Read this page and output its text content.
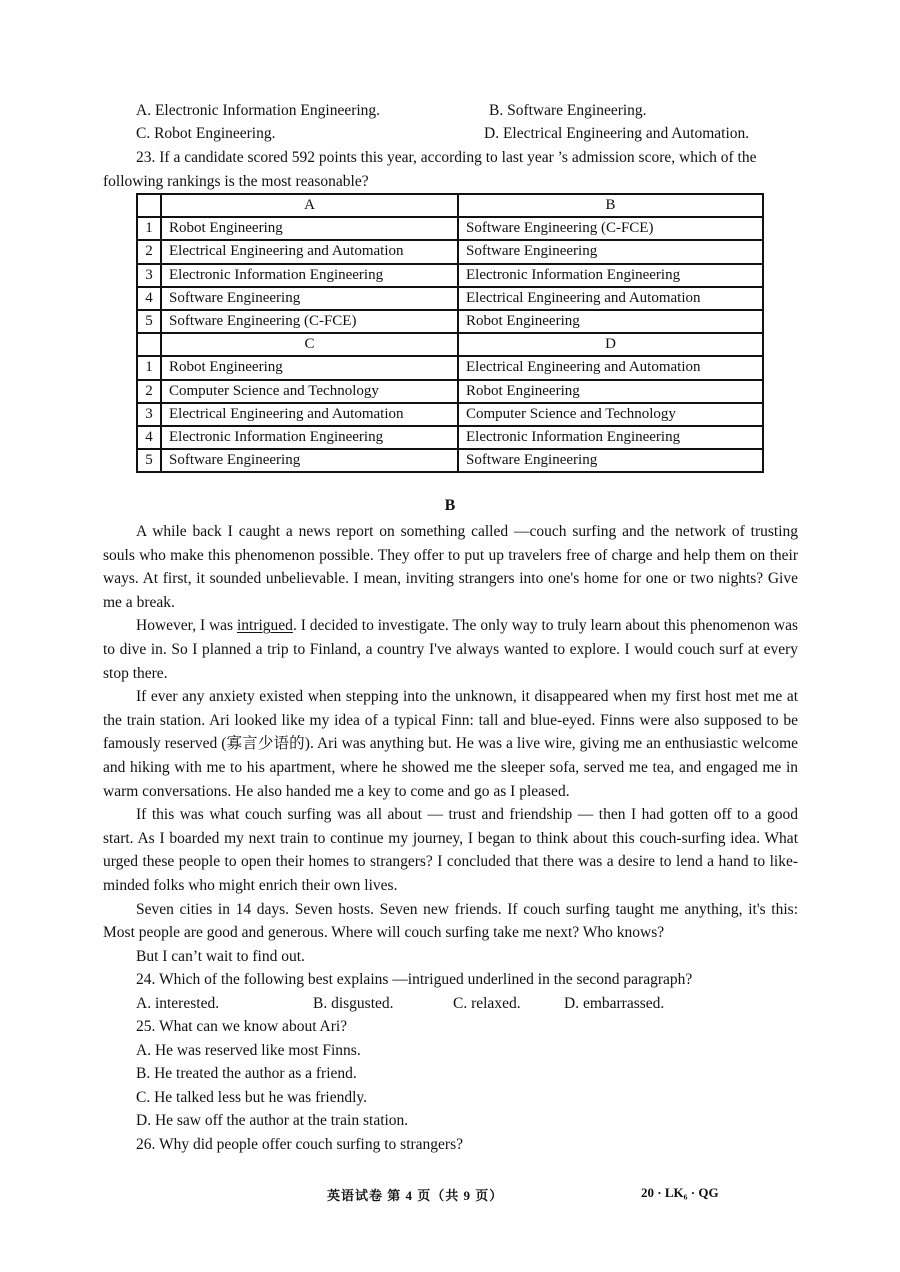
A. Electronic Information Engineering.	B. Software Engineering.
C. Robot Engineering.	D. Electrical Engineering and Automation.
23. If a candidate scored 592 points this year, according to last year ’s admission score, which of the
following rankings is the most reasonable?
	A	B
1	Robot Engineering	Software Engineering (C-FCE)
2	Electrical Engineering and Automation	Software Engineering
3	Electronic Information Engineering	Electronic Information Engineering
4	Software Engineering	Electrical Engineering and Automation
5	Software Engineering (C-FCE)	Robot Engineering
	C	D
1	Robot Engineering	Electrical Engineering and Automation
2	Computer Science and Technology	Robot Engineering
3	Electrical Engineering and Automation	Computer Science and Technology
4	Electronic Information Engineering	Electronic Information Engineering
5	Software Engineering	Software Engineering
B

A while back I caught a news report on something called —couch surfing and the network of trusting souls who make this phenomenon possible. They offer to put up travelers free of charge and help them on their ways. At first, it sounded unbelievable. I mean, inviting strangers into one's home for one or two nights? Give me a break.

However, I was intrigued. I decided to investigate. The only way to truly learn about this phenomenon was to dive in. So I planned a trip to Finland, a country I've always wanted to explore. I would couch surf at every stop there.

If ever any anxiety existed when stepping into the unknown, it disappeared when my first host met me at the train station. Ari looked like my idea of a typical Finn: tall and blue-eyed. Finns were also supposed to be famously reserved (寡言少语的). Ari was anything but. He was a live wire, giving me an enthusiastic welcome and hiking with me to his apartment, where he showed me the sleeper sofa, served me tea, and engaged me in warm conversations. He also handed me a key to come and go as I pleased.

If this was what couch surfing was all about — trust and friendship — then I had gotten off to a good start. As I boarded my next train to continue my journey, I began to think about this couch-surfing idea. What urged these people to open their homes to strangers? I concluded that there was a desire to lend a hand to like-minded folks who might enrich their own lives.

Seven cities in 14 days. Seven hosts. Seven new friends. If couch surfing taught me anything, it's this: Most people are good and generous. Where will couch surfing take me next? Who knows?

But I can’t wait to find out.

24. Which of the following best explains —intrigued underlined in the second paragraph?
A. interested.	B. disgusted.	C. relaxed.	D. embarrassed.
25. What can we know about Ari?
A. He was reserved like most Finns.
B. He treated the author as a friend.
C. He talked less but he was friendly.
D. He saw off the author at the train station.
26. Why did people offer couch surfing to strangers?
英语试卷 第 4 页（共 9 页）	20 · LK₆ · QG
